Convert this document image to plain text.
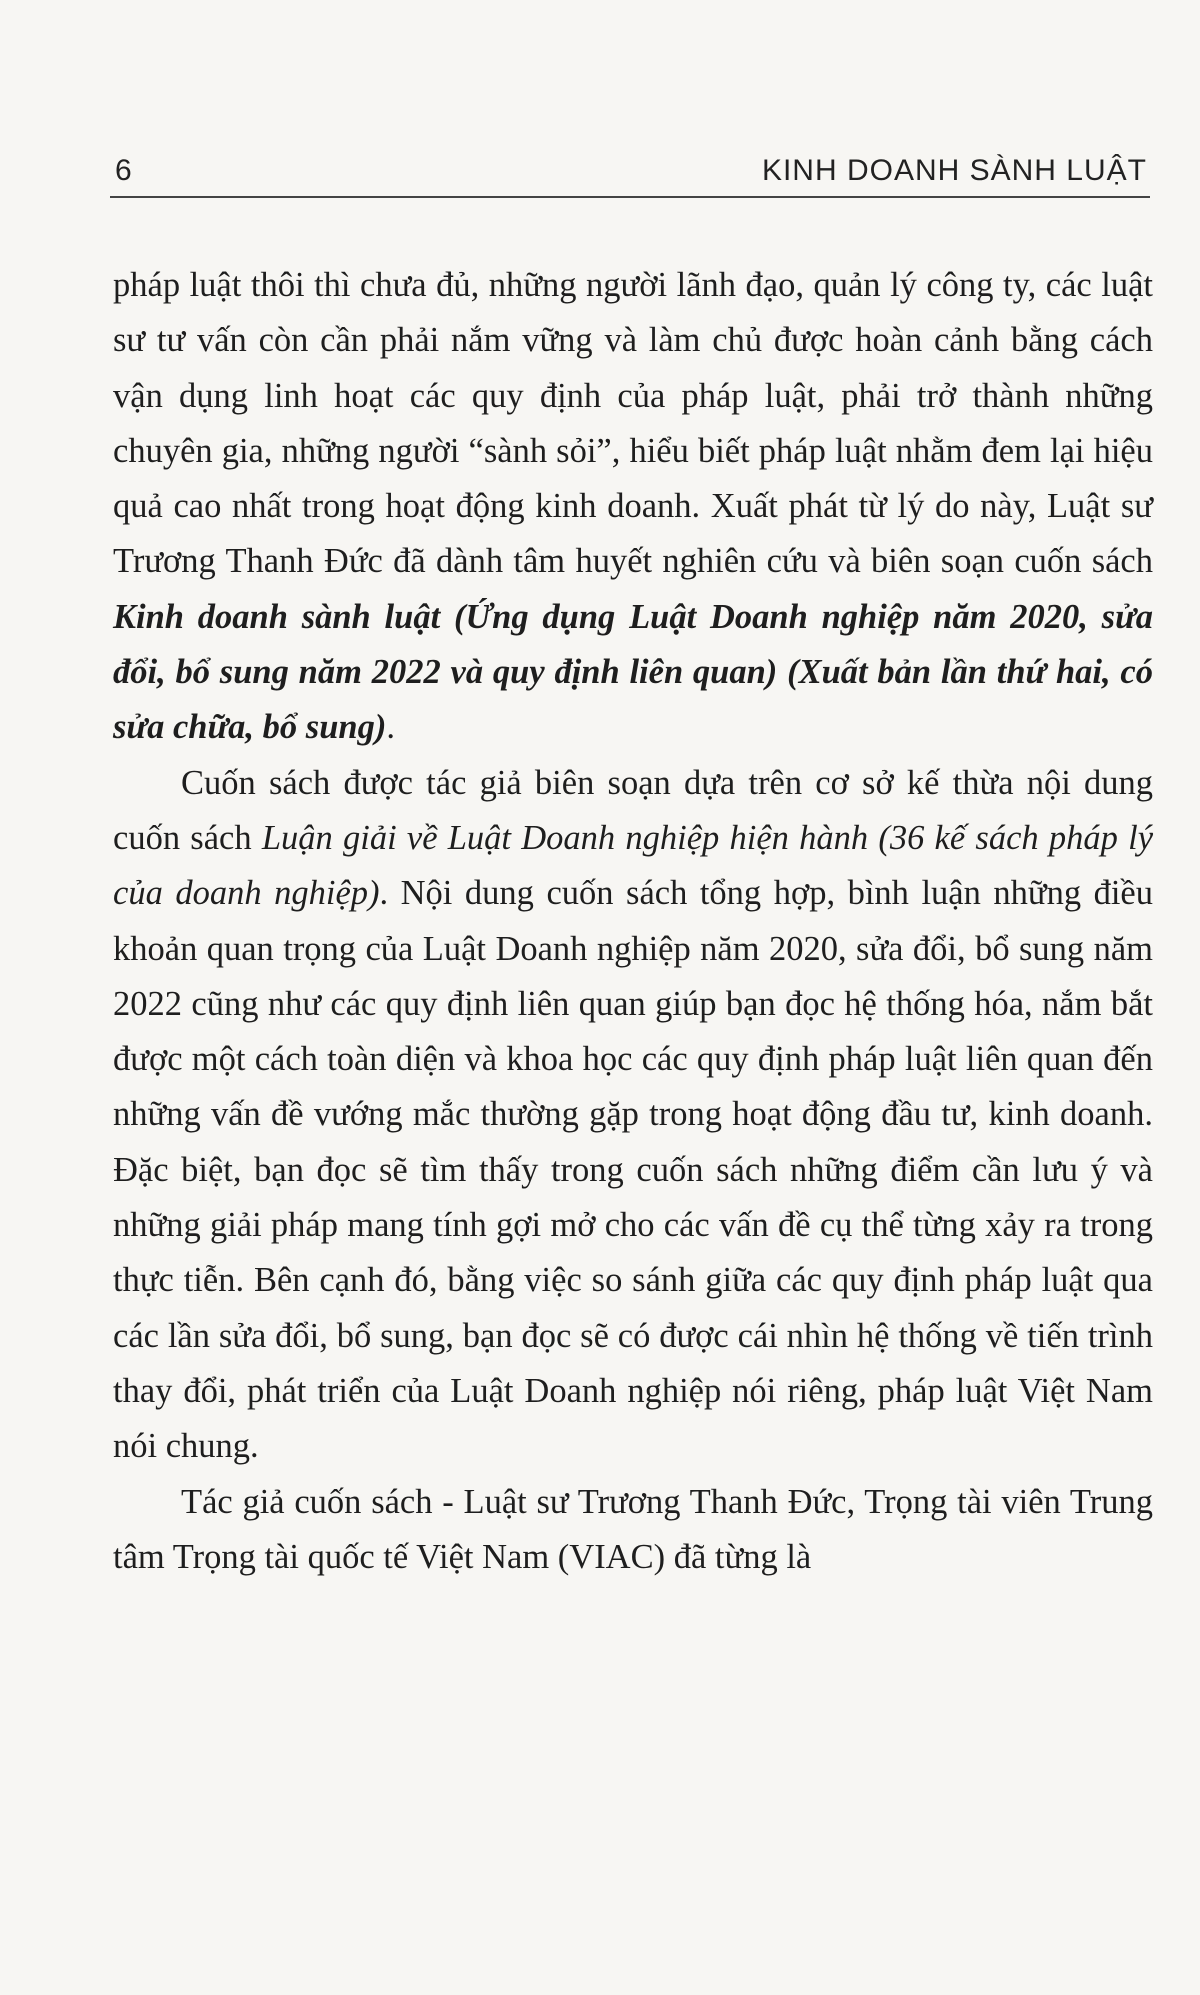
6	KINH DOANH SÀNH LUẬT

pháp luật thôi thì chưa đủ, những người lãnh đạo, quản lý công ty, các luật sư tư vấn còn cần phải nắm vững và làm chủ được hoàn cảnh bằng cách vận dụng linh hoạt các quy định của pháp luật, phải trở thành những chuyên gia, những người “sành sỏi”, hiểu biết pháp luật nhằm đem lại hiệu quả cao nhất trong hoạt động kinh doanh. Xuất phát từ lý do này, Luật sư Trương Thanh Đức đã dành tâm huyết nghiên cứu và biên soạn cuốn sách Kinh doanh sành luật (Ứng dụng Luật Doanh nghiệp năm 2020, sửa đổi, bổ sung năm 2022 và quy định liên quan) (Xuất bản lần thứ hai, có sửa chữa, bổ sung).

Cuốn sách được tác giả biên soạn dựa trên cơ sở kế thừa nội dung cuốn sách Luận giải về Luật Doanh nghiệp hiện hành (36 kế sách pháp lý của doanh nghiệp). Nội dung cuốn sách tổng hợp, bình luận những điều khoản quan trọng của Luật Doanh nghiệp năm 2020, sửa đổi, bổ sung năm 2022 cũng như các quy định liên quan giúp bạn đọc hệ thống hóa, nắm bắt được một cách toàn diện và khoa học các quy định pháp luật liên quan đến những vấn đề vướng mắc thường gặp trong hoạt động đầu tư, kinh doanh. Đặc biệt, bạn đọc sẽ tìm thấy trong cuốn sách những điểm cần lưu ý và những giải pháp mang tính gợi mở cho các vấn đề cụ thể từng xảy ra trong thực tiễn. Bên cạnh đó, bằng việc so sánh giữa các quy định pháp luật qua các lần sửa đổi, bổ sung, bạn đọc sẽ có được cái nhìn hệ thống về tiến trình thay đổi, phát triển của Luật Doanh nghiệp nói riêng, pháp luật Việt Nam nói chung.

Tác giả cuốn sách - Luật sư Trương Thanh Đức, Trọng tài viên Trung tâm Trọng tài quốc tế Việt Nam (VIAC) đã từng là
